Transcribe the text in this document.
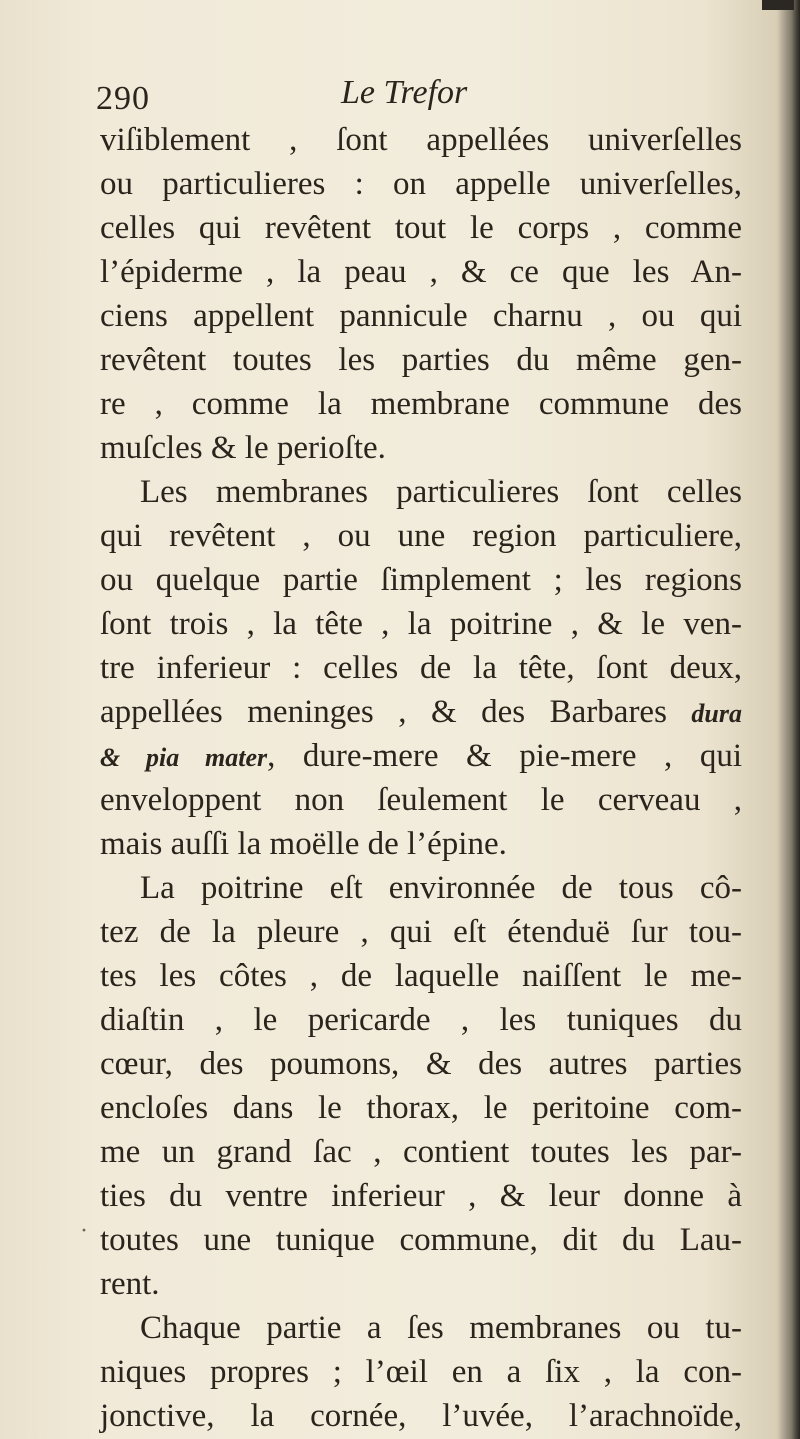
290	Le Trefor
viſiblement , ſont appellées univerſelles
ou particulieres : on appelle univerſelles,
celles qui revêtent tout le corps , comme
l’épiderme , la peau , & ce que les An-
ciens appellent pannicule charnu , ou qui
revêtent toutes les parties du même gen-
re , comme la membrane commune des
muſcles & le perioſte.
Les membranes particulieres ſont celles
qui revêtent , ou une region particuliere,
ou quelque partie ſimplement ; les regions
ſont trois , la tête , la poitrine , & le ven-
tre inferieur : celles de la tête, ſont deux,
appellées meninges , & des Barbares dura
& pia mater, dure-mere & pie-mere , qui
enveloppent non ſeulement le cerveau ,
mais auſſi la moëlle de l’épine.
La poitrine eſt environnée de tous cô-
tez de la pleure , qui eſt étenduë ſur tou-
tes les côtes , de laquelle naiſſent le me-
diaſtin , le pericarde , les tuniques du
cœur, des poumons, & des autres parties
encloſes dans le thorax, le peritoine com-
me un grand ſac , contient toutes les par-
ties du ventre inferieur , & leur donne à
toutes une tunique commune, dit du Lau-
rent.
Chaque partie a ſes membranes ou tu-
niques propres ; l’œil en a ſix , la con-
jonctive, la cornée, l’uvée, l’arachnoïde,
·
